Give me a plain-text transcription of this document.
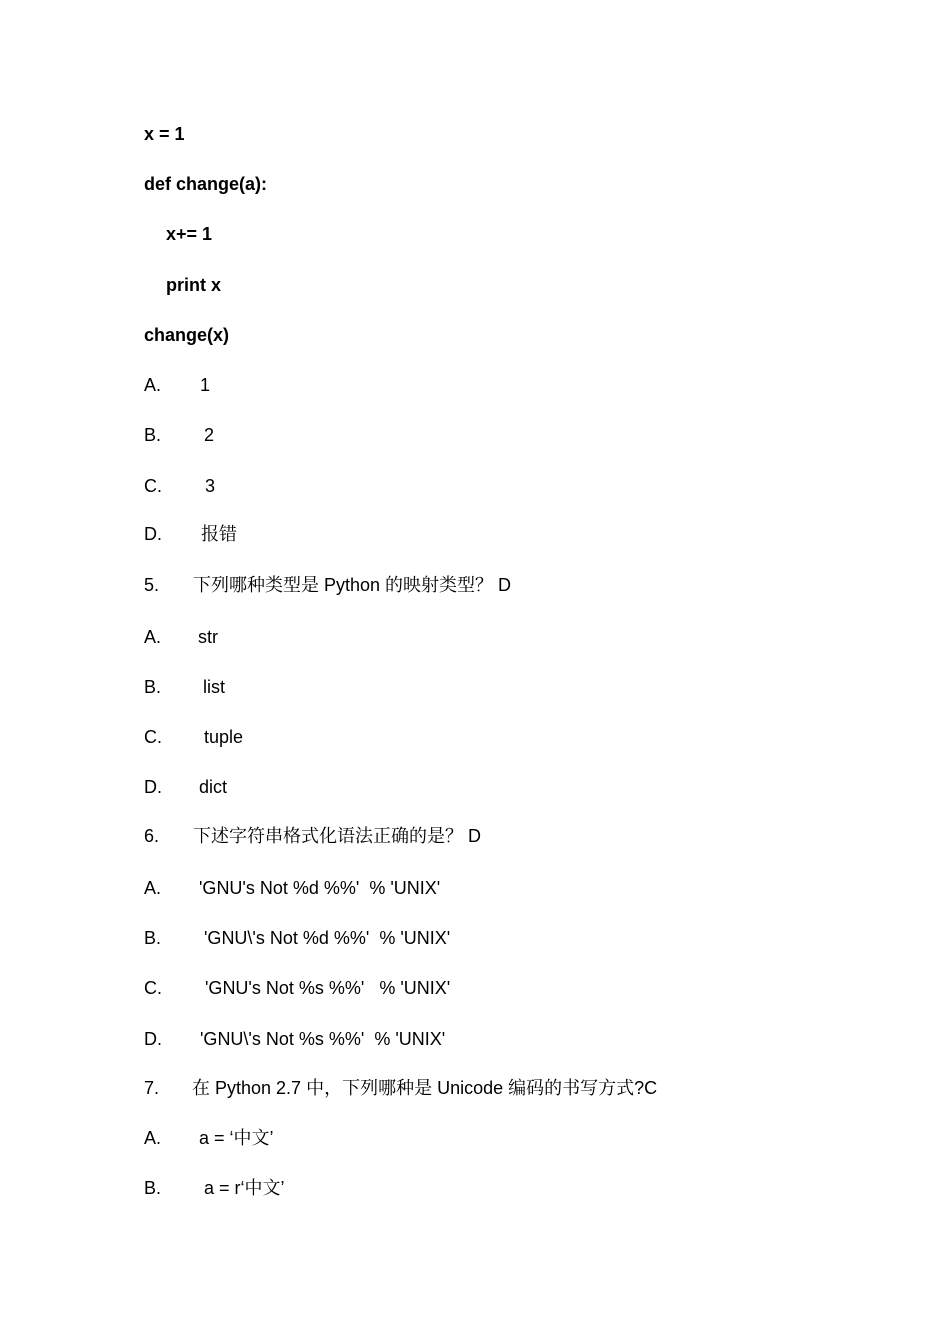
x = 1
def change(a):
x+= 1
print x
change(x)

A.

1

B.

2

C.

3

D.

报错

5.

下列哪种类型是 Python 的映射类型？ D

A.

str

B.

list

C.

tuple

D.

dict

6.

下述字符串格式化语法正确的是？ D

A.

'GNU's Not %d %%'  % 'UNIX'

B.

'GNU\'s Not %d %%'  % 'UNIX'

C.

'GNU's Not %s %%'   % 'UNIX'

D.

'GNU\'s Not %s %%'  % 'UNIX'

7.

在 Python 2.7 中，下列哪种是 Unicode 编码的书写方式?C

A.

a = ‘中文’

B.

a = r‘中文’
